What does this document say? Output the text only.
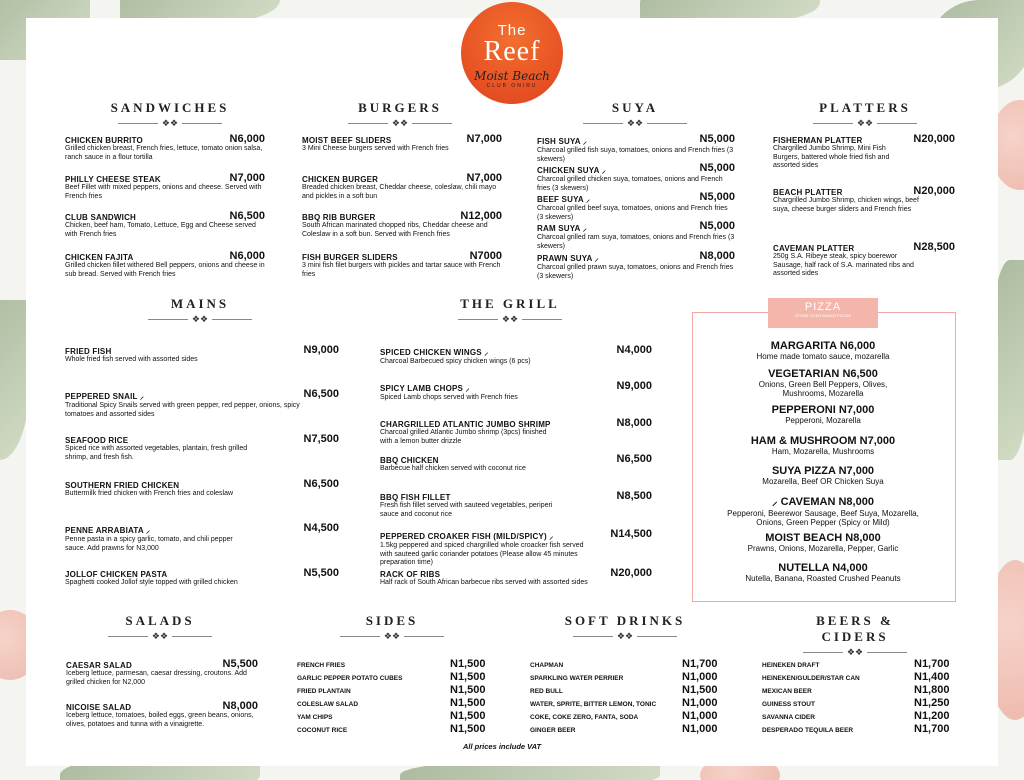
The
Reef
Moist Beach
CLUB ONIRU
SANDWICHES
❖❖
BURGERS
❖❖
SUYA
❖❖
PLATTERS
❖❖
MAINS
❖❖
THE GRILL
❖❖
SALADS
❖❖
SIDES
❖❖
SOFT DRINKS
❖❖
BEERS & CIDERS
❖❖
CHICKEN BURRITO	N6,000
Grilled chicken breast, French fries, lettuce, tomato onion salsa, ranch sauce in a flour tortilla
PHILLY CHEESE STEAK	N7,000
Beef Fillet with mixed peppers, onions and cheese. Served with French fries
CLUB SANDWICH	N6,500
Chicken, beef ham, Tomato, Lettuce, Egg and Cheese served with French fries
CHICKEN FAJITA	N6,000
Grilled chicken fillet withered Bell peppers, onions and cheese in sub bread. Served with French fries
MOIST BEEF SLIDERS	N7,000
3 Mini Cheese burgers served with French fries
CHICKEN BURGER	N7,000
Breaded chicken breast, Cheddar cheese, coleslaw, chili mayo and pickles in a soft bun
BBQ RIB BURGER	N12,000
South African marinated chopped ribs, Cheddar cheese and Coleslaw in a soft bun. Served with French fries
FISH BURGER SLIDERS	N7000
3 mini fish filet burgers with pickles and tartar sauce with French fries
FISH SUYA ⸝	N5,000
Charcoal grilled fish suya, tomatoes, onions and French fries (3 skewers)
CHICKEN SUYA ⸝	N5,000
Charcoal grilled chicken suya, tomatoes, onions and French fries (3 skewers)
BEEF SUYA ⸝	N5,000
Charcoal grilled beef suya, tomatoes, onions and French fries (3 skewers)
RAM SUYA ⸝	N5,000
Charcoal grilled ram suya, tomatoes, onions and French fries (3 skewers)
PRAWN SUYA ⸝	N8,000
Charcoal grilled prawn suya, tomatoes, onions and French fries (3 skewers)
FISHERMAN PLATTER	N20,000
Chargrilled Jumbo Shrimp, Mini Fish Burgers, battered whole fried fish and assorted sides
BEACH PLATTER	N20,000
Chargrilled Jumbo Shrimp, chicken wings, beef suya, cheese burger sliders and French fries
CAVEMAN PLATTER	N28,500
250g S.A. Ribeye steak, spicy boerewor Sausage, half rack of S.A. marinated ribs and assorted sides
FRIED FISH	N9,000
Whole fried fish served with assorted sides
PEPPERED SNAIL ⸝	N6,500
Traditional Spicy Snails served with green pepper, red pepper, onions, spicy tomatoes and assorted sides
SEAFOOD RICE	N7,500
Spiced rice with assorted vegetables, plantain, fresh grilled shrimp, and fresh fish.
SOUTHERN FRIED CHICKEN	N6,500
Buttermilk fried chicken with French fries and coleslaw
PENNE ARRABIATA ⸝	N4,500
Penne pasta in a spicy garlic, tomato, and chili pepper sauce. Add prawns for N3,000
JOLLOF CHICKEN PASTA	N5,500
Spaghetti cooked Jollof style topped with grilled chicken
SPICED CHICKEN WINGS ⸝	N4,000
Charcoal Barbecued spicy chicken wings (6 pcs)
SPICY LAMB CHOPS ⸝	N9,000
Spiced Lamb chops served with French fries
CHARGRILLED ATLANTIC JUMBO SHRIMP	N8,000
Charcoal grilled Atlantic Jumbo shrimp (3pcs) finished with a lemon butter drizzle
BBQ CHICKEN	N6,500
Barbecue half chicken served with coconut rice
BBQ FISH FILLET	N8,500
Fresh fish fillet served with sauteed vegetables, periperi sauce and coconut rice
PEPPERED CROAKER FISH (MILD/SPICY) ⸝	N14,500
1.5kg peppered and spiced chargrilled whole croacker fish served with sauteed garlic coriander potatoes (Please allow 45 minutes preparation time)
RACK OF RIBS	N20,000
Half rack of South African barbecue ribs served with assorted sides
PIZZA
STONE OVEN BAKED PIZZAS
MARGARITA N6,000
Home made tomato sauce, mozarella
VEGETARIAN N6,500
Onions, Green Bell Peppers, Olives, Mushrooms, Mozarella
PEPPERONI N7,000
Pepperoni, Mozarella
HAM & MUSHROOM N7,000
Ham, Mozarella, Mushrooms
SUYA PIZZA N7,000
Mozarella, Beef OR Chicken Suya
⸝ CAVEMAN N8,000
Pepperoni, Beerewor Sausage, Beef Suya, Mozarella, Onions, Green Pepper (Spicy or Mild)
MOIST BEACH N8,000
Prawns, Onions, Mozarella, Pepper, Garlic
NUTELLA N4,000
Nutella, Banana, Roasted Crushed Peanuts
CAESAR SALAD	N5,500
Iceberg lettuce, parmesan, caesar dressing, croutons. Add grilled chicken for N2,000
NICOISE SALAD	N8,000
Iceberg lettuce, tomatoes, boiled eggs, green beans, onions, olives, potatoes and tunna with a vinaigrette.
FRENCH FRIES	N1,500
GARLIC PEPPER POTATO CUBES	N1,500
FRIED PLANTAIN	N1,500
COLESLAW SALAD	N1,500
YAM CHIPS	N1,500
COCONUT RICE	N1,500
CHAPMAN	N1,700
SPARKLING WATER PERRIER	N1,000
RED BULL	N1,500
WATER, SPRITE, BITTER LEMON, TONIC N1,000
COKE, COKE ZERO, FANTA, SODA	N1,000
GINGER BEER	N1,000
HEINEKEN DRAFT	N1,700
HEINEKEN/GULDER/STAR CAN	N1,400
MEXICAN BEER	N1,800
GUINESS STOUT	N1,250
SAVANNA CIDER	N1,200
DESPERADO TEQUILA BEER	N1,700
All prices include VAT
